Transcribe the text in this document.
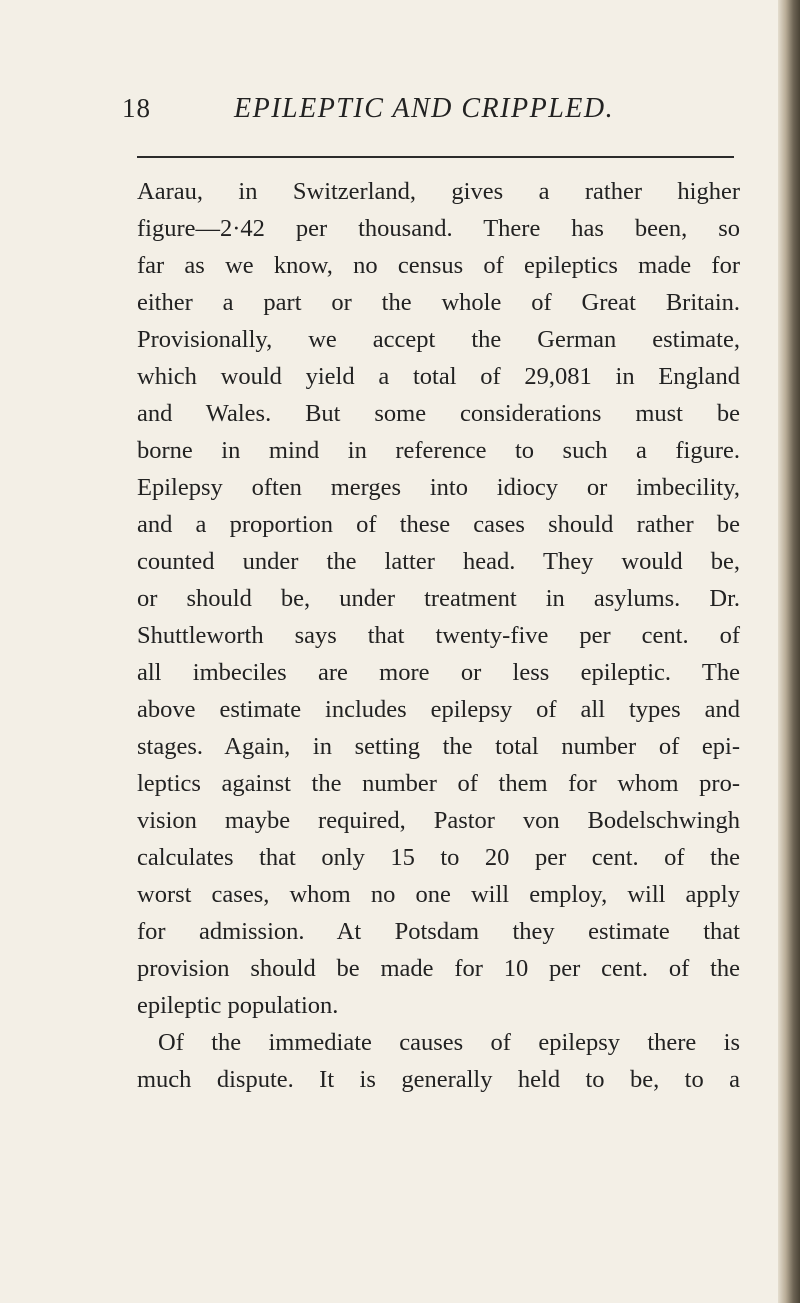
18	EPILEPTIC AND CRIPPLED.
Aarau, in Switzerland, gives a rather higher
figure—2·42 per thousand. There has been, so
far as we know, no census of epileptics made for
either a part or the whole of Great Britain.
Provisionally, we accept the German estimate,
which would yield a total of 29,081 in England
and Wales. But some considerations must be
borne in mind in reference to such a figure.
Epilepsy often merges into idiocy or imbecility,
and a proportion of these cases should rather be
counted under the latter head. They would be,
or should be, under treatment in asylums. Dr.
Shuttleworth says that twenty-five per cent. of
all imbeciles are more or less epileptic. The
above estimate includes epilepsy of all types and
stages. Again, in setting the total number of epi-
leptics against the number of them for whom pro-
vision maybe required, Pastor von Bodelschwingh
calculates that only 15 to 20 per cent. of the
worst cases, whom no one will employ, will apply
for admission. At Potsdam they estimate that
provision should be made for 10 per cent. of the
epileptic population.
Of the immediate causes of epilepsy there is
much dispute. It is generally held to be, to a
